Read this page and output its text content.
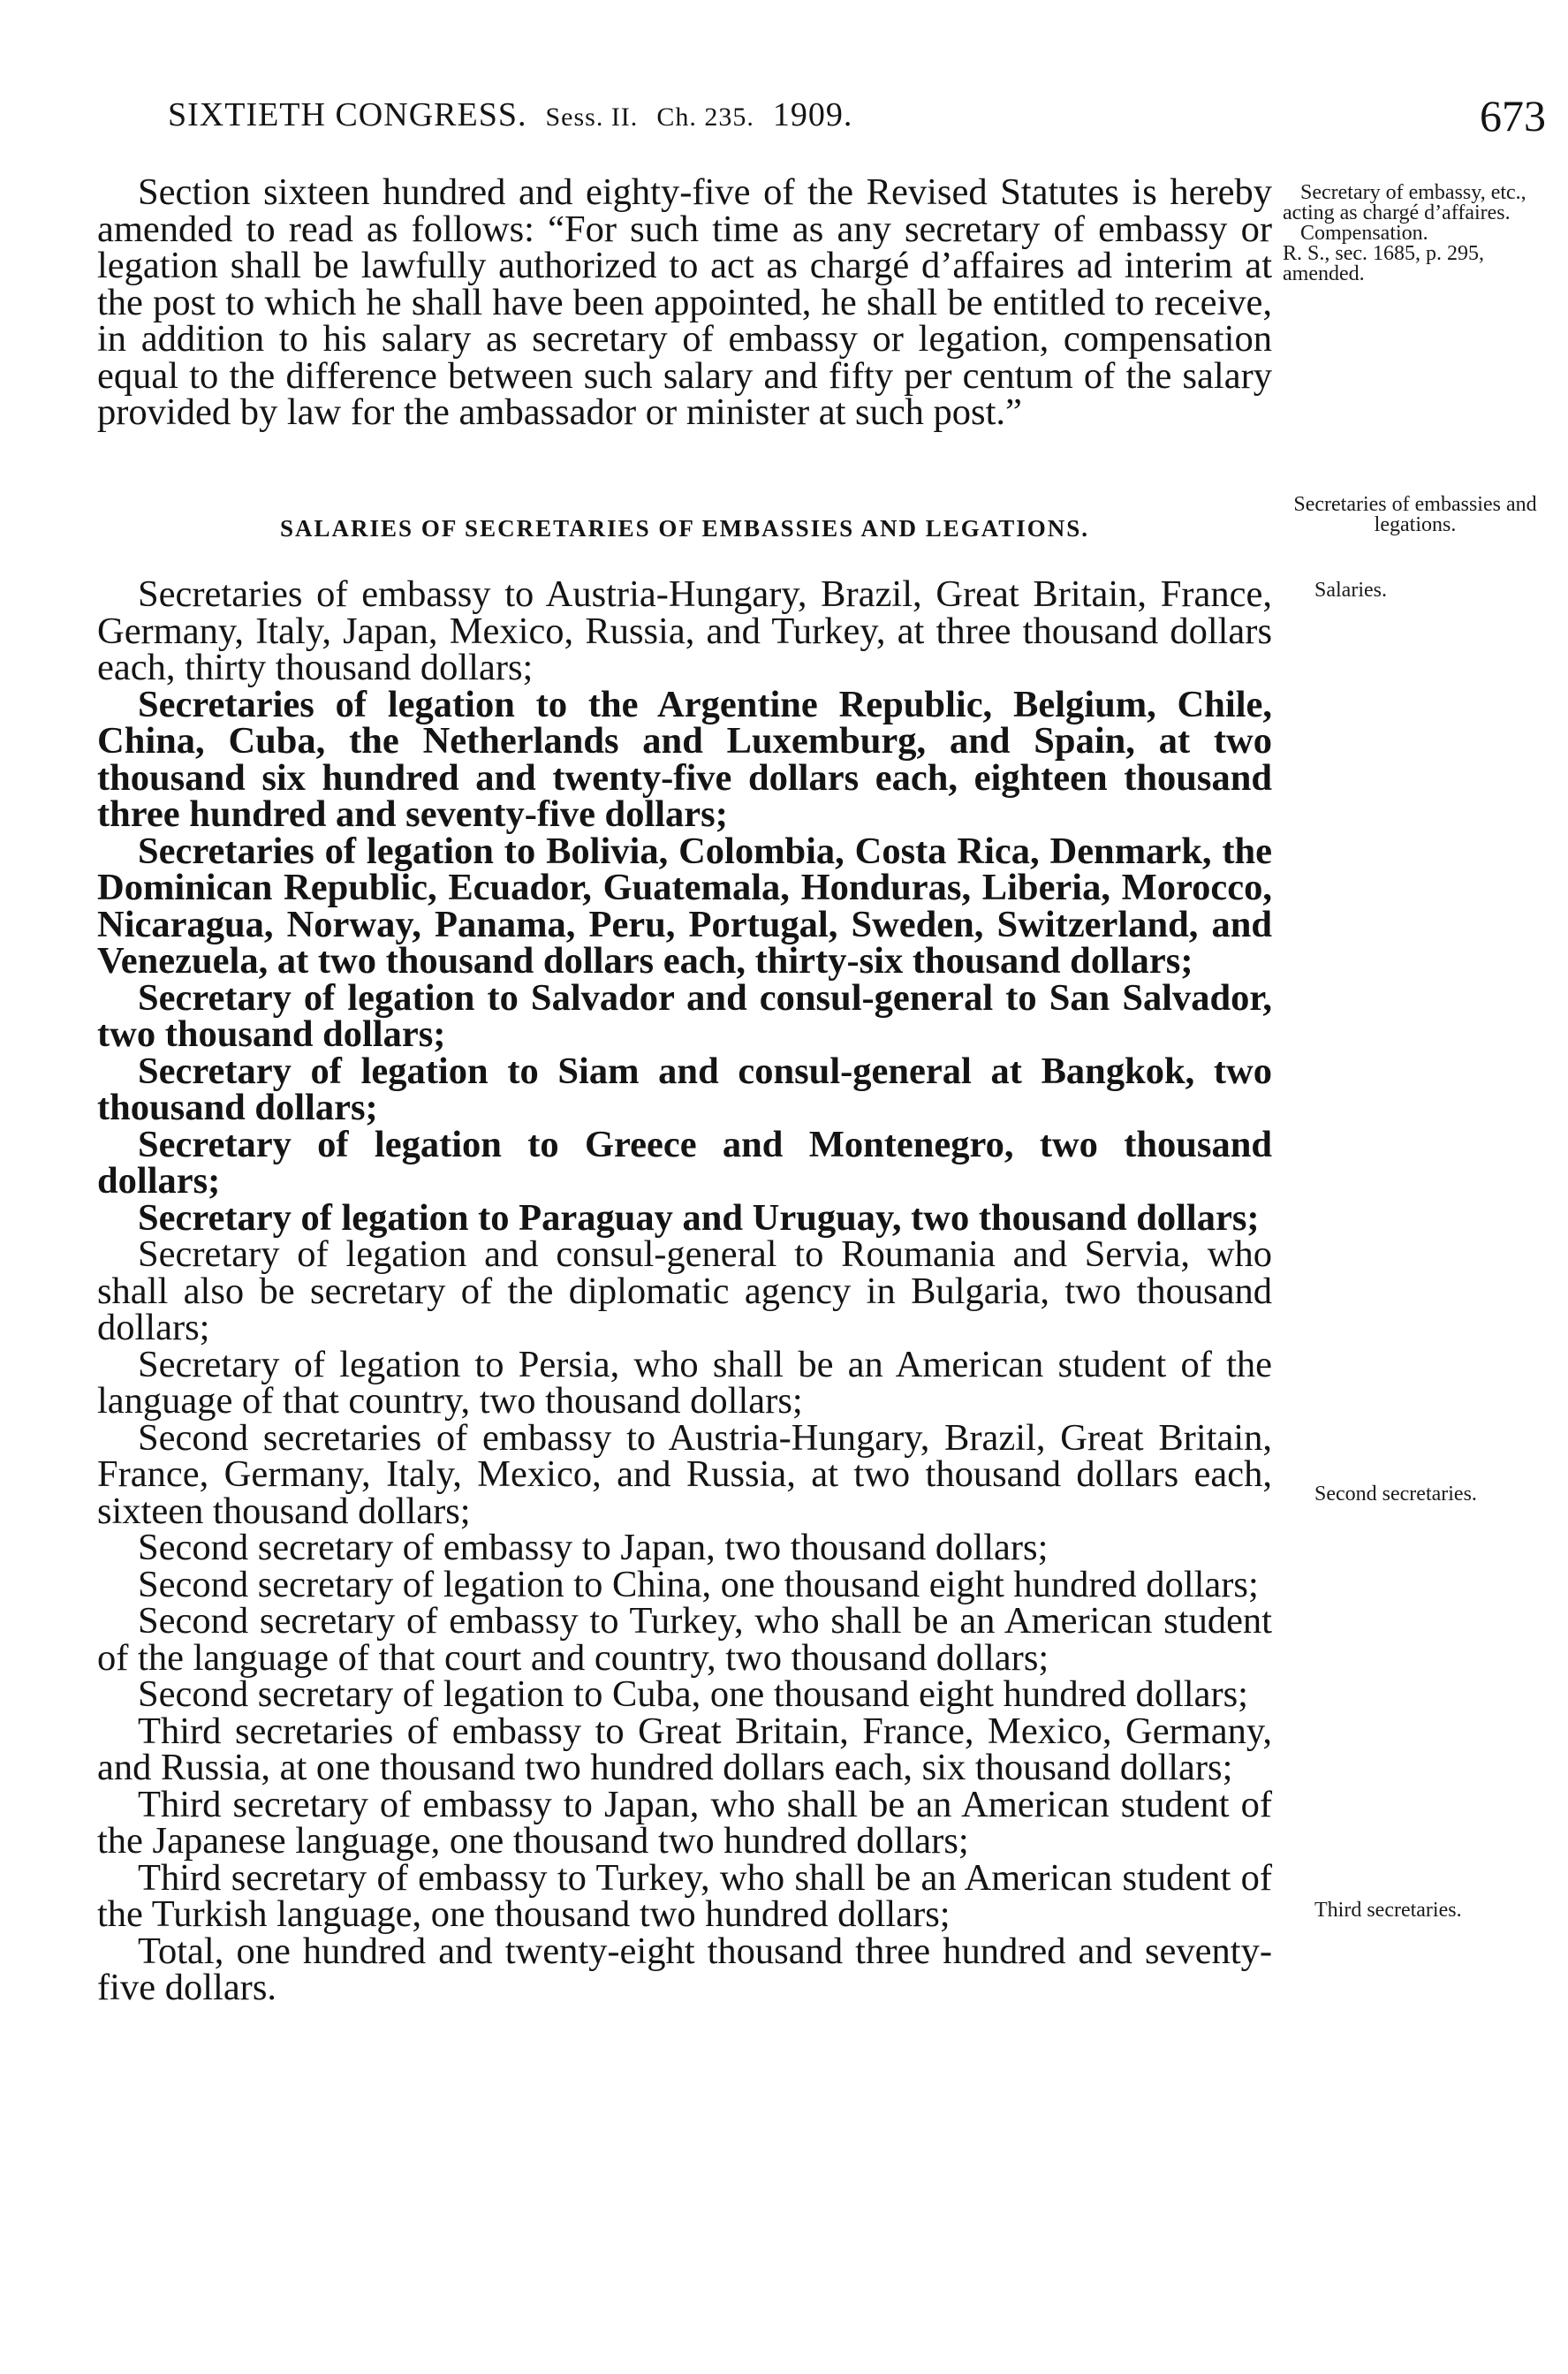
SIXTIETH CONGRESS. Sess. II. Ch. 235. 1909.	673
Section sixteen hundred and eighty-five of the Revised Statutes is hereby amended to read as follows: “For such time as any secretary of embassy or legation shall be lawfully authorized to act as chargé d’affaires ad interim at the post to which he shall have been appointed, he shall be entitled to receive, in addition to his salary as secretary of embassy or legation, compensation equal to the difference between such salary and fifty per centum of the salary provided by law for the ambassador or minister at such post.”
SALARIES OF SECRETARIES OF EMBASSIES AND LEGATIONS.
Secretaries of embassy to Austria-Hungary, Brazil, Great Britain, France, Germany, Italy, Japan, Mexico, Russia, and Turkey, at three thousand dollars each, thirty thousand dollars;
Secretaries of legation to the Argentine Republic, Belgium, Chile, China, Cuba, the Netherlands and Luxemburg, and Spain, at two thousand six hundred and twenty-five dollars each, eighteen thousand three hundred and seventy-five dollars;
Secretaries of legation to Bolivia, Colombia, Costa Rica, Denmark, the Dominican Republic, Ecuador, Guatemala, Honduras, Liberia, Morocco, Nicaragua, Norway, Panama, Peru, Portugal, Sweden, Switzerland, and Venezuela, at two thousand dollars each, thirty-six thousand dollars;
Secretary of legation to Salvador and consul-general to San Salvador, two thousand dollars;
Secretary of legation to Siam and consul-general at Bangkok, two thousand dollars;
Secretary of legation to Greece and Montenegro, two thousand dollars;
Secretary of legation to Paraguay and Uruguay, two thousand dollars;
Secretary of legation and consul-general to Roumania and Servia, who shall also be secretary of the diplomatic agency in Bulgaria, two thousand dollars;
Secretary of legation to Persia, who shall be an American student of the language of that country, two thousand dollars;
Second secretaries of embassy to Austria-Hungary, Brazil, Great Britain, France, Germany, Italy, Mexico, and Russia, at two thousand dollars each, sixteen thousand dollars;
Second secretary of embassy to Japan, two thousand dollars;
Second secretary of legation to China, one thousand eight hundred dollars;
Second secretary of embassy to Turkey, who shall be an American student of the language of that court and country, two thousand dollars;
Second secretary of legation to Cuba, one thousand eight hundred dollars;
Third secretaries of embassy to Great Britain, France, Mexico, Germany, and Russia, at one thousand two hundred dollars each, six thousand dollars;
Third secretary of embassy to Japan, who shall be an American student of the Japanese language, one thousand two hundred dollars;
Third secretary of embassy to Turkey, who shall be an American student of the Turkish language, one thousand two hundred dollars;
Total, one hundred and twenty-eight thousand three hundred and seventy-five dollars.
Secretary of embassy, etc., acting as chargé d’affaires.
Compensation.
R. S., sec. 1685, p. 295, amended.
Secretaries of embassies and legations.
Salaries.
Second secretaries.
Third secretaries.
